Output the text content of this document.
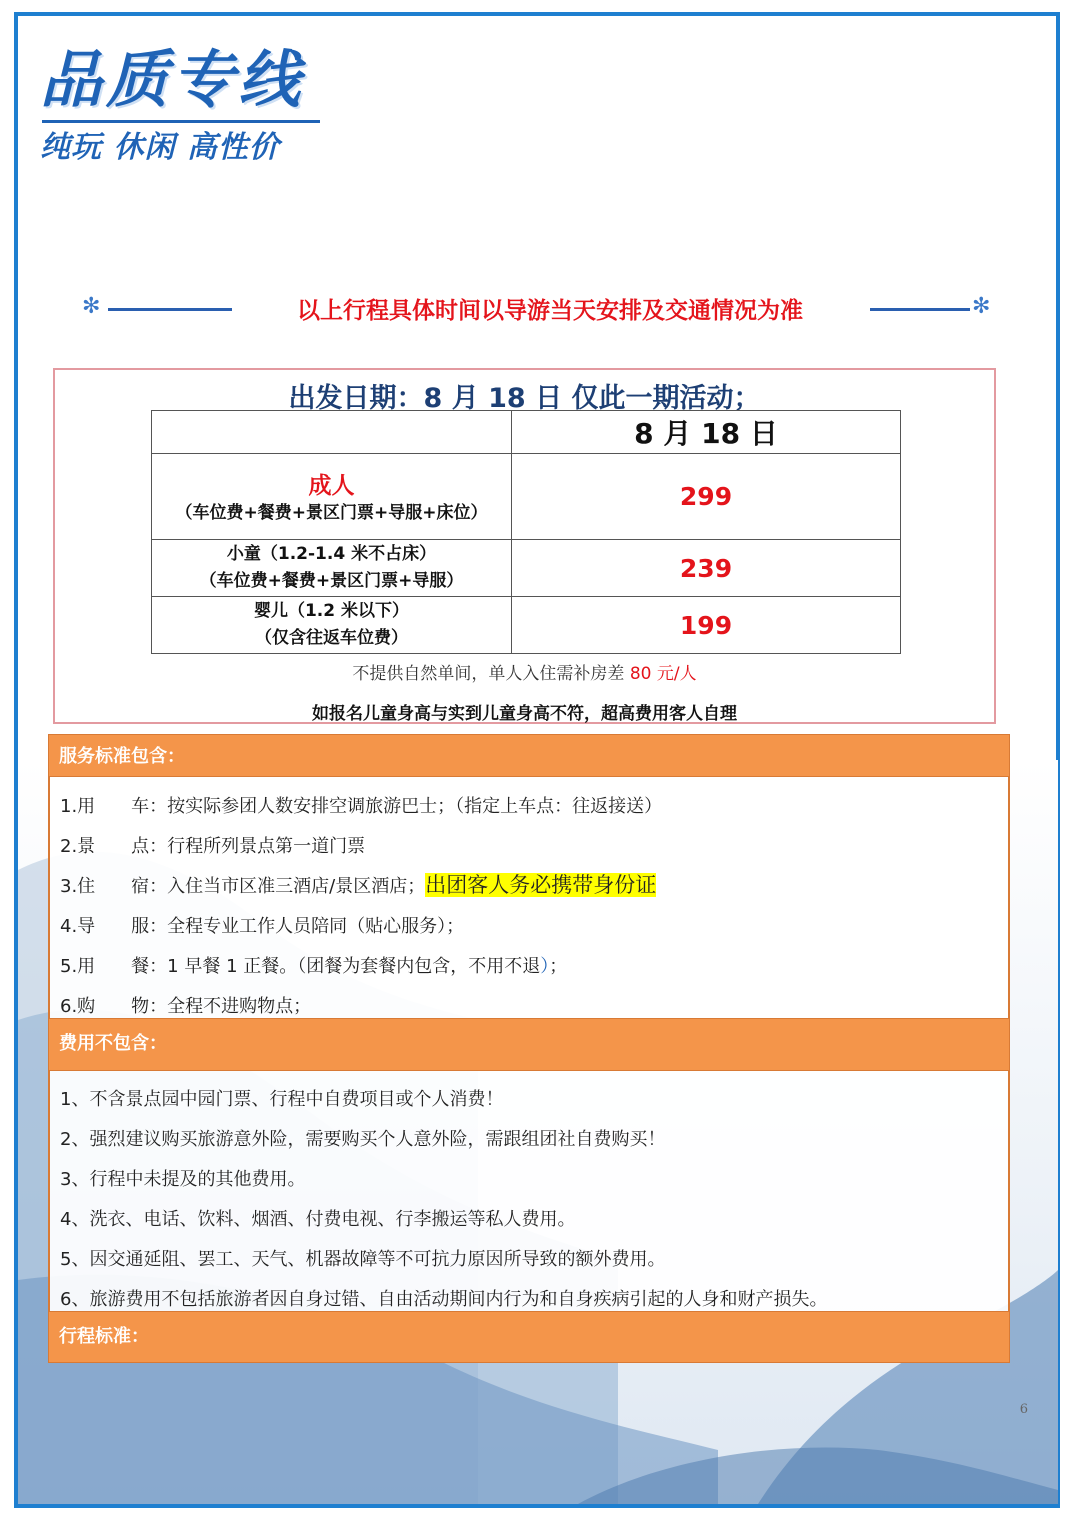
品质专线
纯玩 休闲 高性价
✻	以上行程具体时间以导游当天安排及交通情况为准	✻
出发日期：8 月 18 日 仅此一期活动；
	8 月 18 日

成人
（车位费+餐费+景区门票+导服+床位）	299

小童（1.2-1.4 米不占床）
（车位费+餐费+景区门票+导服）	239

婴儿（1.2 米以下）
（仅含往返车位费）	199
不提供自然单间，单人入住需补房差 80 元/人
如报名儿童身高与实到儿童身高不符，超高费用客人自理
服务标准包含：
1.用　　车：按实际参团人数安排空调旅游巴士；（指定上车点：往返接送）
2.景　　点：行程所列景点第一道门票
3.住　　宿：入住当市区准三酒店/景区酒店；出团客人务必携带身份证
4.导　　服：全程专业工作人员陪同（贴心服务）；
5.用　　餐：1 早餐 1 正餐。（团餐为套餐内包含，不用不退）；
6.购　　物：全程不进购物点；
费用不包含：
1、不含景点园中园门票、行程中自费项目或个人消费！
2、强烈建议购买旅游意外险，需要购买个人意外险，需跟组团社自费购买！
3、行程中未提及的其他费用。
4、洗衣、电话、饮料、烟酒、付费电视、行李搬运等私人费用。
5、因交通延阻、罢工、天气、机器故障等不可抗力原因所导致的额外费用。
6、旅游费用不包括旅游者因自身过错、自由活动期间内行为和自身疾病引起的人身和财产损失。
行程标准：
6
